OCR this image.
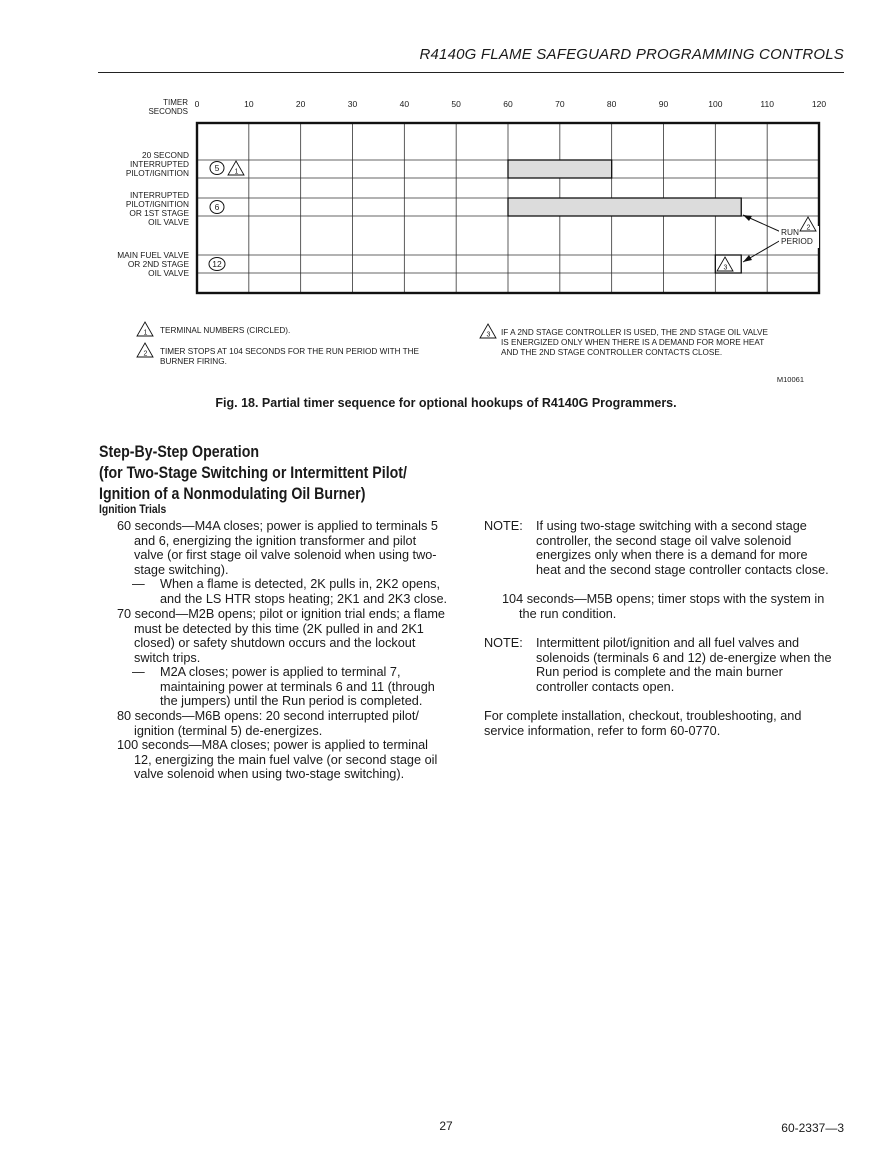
R4140G FLAME SAFEGUARD PROGRAMMING CONTROLS
TIMER
SECONDS
0	10	20	30	40	50	60	70	80	90	100	110	120
20 SECOND
INTERRUPTED
PILOT/IGNITION
INTERRUPTED
PILOT/IGNITION
OR 1ST STAGE
OIL VALVE
MAIN FUEL VALVE
OR 2ND STAGE
OIL VALVE
5
6
12
1
3
RUN
PERIOD
2
1 TERMINAL NUMBERS (CIRCLED).
2 TIMER STOPS AT 104 SECONDS FOR THE RUN PERIOD WITH THE
BURNER FIRING.
3 IF A 2ND STAGE CONTROLLER IS USED, THE 2ND STAGE OIL VALVE
IS ENERGIZED ONLY WHEN THERE IS A DEMAND FOR MORE HEAT
AND THE 2ND STAGE CONTROLLER CONTACTS CLOSE.
M10061
Fig. 18. Partial timer sequence for optional hookups of R4140G Programmers.
Step-By-Step Operation
(for Two-Stage Switching or Intermittent Pilot/
Ignition of a Nonmodulating Oil Burner)
Ignition Trials
60 seconds—M4A closes; power is applied to terminals 5
and 6, energizing the ignition transformer and pilot
valve (or first stage oil valve solenoid when using two-
stage switching).
—	When a flame is detected, 2K pulls in, 2K2 opens,
and the LS HTR stops heating; 2K1 and 2K3 close.
70 second—M2B opens; pilot or ignition trial ends; a flame
must be detected by this time (2K pulled in and 2K1
closed) or safety shutdown occurs and the lockout
switch trips.
—	M2A closes; power is applied to terminal 7,
maintaining power at terminals 6 and 11 (through
the jumpers) until the Run period is completed.
80 seconds—M6B opens: 20 second interrupted pilot/
ignition (terminal 5) de-energizes.
100 seconds—M8A closes; power is applied to terminal
12, energizing the main fuel valve (or second stage oil
valve solenoid when using two-stage switching).
NOTE:	If using two-stage switching with a second stage
controller, the second stage oil valve solenoid
energizes only when there is a demand for more
heat and the second stage controller contacts close.
104 seconds—M5B opens; timer stops with the system in
the run condition.
NOTE:	Intermittent pilot/ignition and all fuel valves and
solenoids (terminals 6 and 12) de-energize when the
Run period is complete and the main burner
controller contacts open.
For complete installation, checkout, troubleshooting, and
service information, refer to form 60-0770.
27	60-2337—3
